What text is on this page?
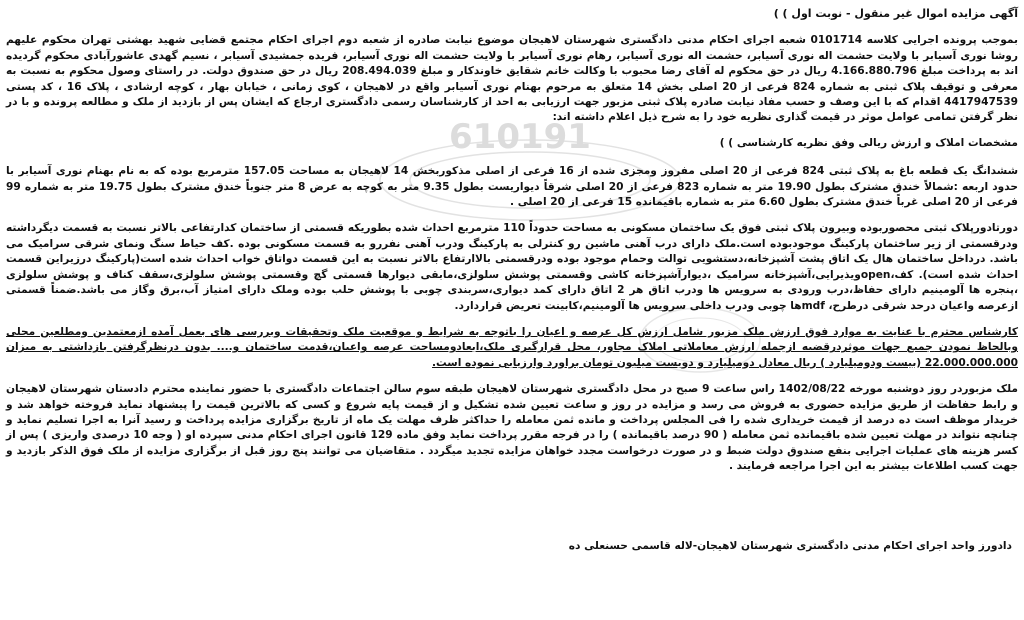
610191

آگهی مزایده اموال غیر منقول - نوبت اول ) )

بموجب پرونده اجرایی کلاسه 0101714 شعبه اجرای احکام مدنی دادگستری شهرستان لاهیجان موضوع نیابت صادره از شعبه دوم اجرای احکام مجتمع قضایی شهید بهشتی تهران محکوم علیهم روشا نوری آسیابر با ولایت حشمت اله نوری آسیابر، حشمت اله نوری آسیابر، رهام نوری آسیابر با ولایت حشمت اله نوری آسیابر، فریده جمشیدی آسیابر ، نسیم گهدی عاشورآبادی محکوم گردیده اند به پرداخت مبلغ 4.166.880.796 ریال در حق محکوم له آقای رضا محبوب با وکالت خانم شقایق خاوندکار و مبلغ 208.494.039 ریال در حق صندوق دولت. در راستای وصول محکوم به نسبت به معرفی و توقیف پلاک ثبتی به شماره 824 فرعی از 20 اصلی بخش 14 متعلق به مرحوم بهنام نوری آسیابر واقع در لاهیجان ، کوی زمانی ، خیابان بهار ، کوچه ارشادی ، پلاک 16 ، کد پستی 4417947539 اقدام که با این وصف و حسب مفاد نیابت صادره پلاک ثبتی مزبور جهت ارزیابی به احد از کارشناسان رسمی دادگستری ارجاع که ایشان پس از بازدید از ملک و مطالعه پرونده و با در نظر گرفتن تمامی عوامل موثر در قیمت گذاری نظریه خود را به شرح ذیل اعلام داشته اند:

مشخصات املاک و ارزش ریالی وفق نظریه کارشناسی ) )

ششدانگ یک قطعه باغ به پلاک ثبتی 824 فرعی از 20 اصلی مفروز ومجزی شده از 16 فرعی از اصلی مذکوربخش 14 لاهیجان به مساحت 157.05 مترمربع بوده که به نام بهنام نوری آسیابر با حدود اربعه :شمالاً خندق مشترک بطول 19.90 متر به شماره 823 فرعی از 20 اصلی شرقاً دیواریست بطول 9.35 متر به کوچه به عرض 8 متر جنوباً خندق مشترک بطول 19.75 متر به شماره 99 فرعی از 20 اصلی غرباً خندق مشترک بطول 6.60 متر به شماره باقیمانده 15 فرعی از 20 اصلی .

دورتادورپلاک ثبتی محصوربوده وبیرون پلاک ثبتی فوق یک ساختمان مسکونی به مساحت حدوداً 110 مترمربع احداث شده بطوریکه قسمتی از ساختمان کدارتفاعی بالاتر نسبت به قسمت دیگرداشته ودرقسمتی از زیر ساختمان پارکینگ موجودبوده است.ملک دارای درب آهنی ماشین رو کنترلی به پارکینگ ودرب آهنی نفررو به قسمت مسکونی بوده .کف حیاط سنگ ونمای شرقی سرامیک می باشد. درداخل ساختمان هال یک اتاق پشت آشپزخانه،دستشویی توالت وحمام موجود بوده ودرقسمتی بالاارتفاع بالاتر نسبت به این قسمت دواتاق خواب احداث شده است(پارکینگ درزیراین قسمت احداث شده است). کف،openویذیرایی،آشپزخانه سرامیک ،دیوارآشپزخانه کاشی وقسمتی پوشش سلولزی،مابقی دیوارها قسمتی گچ وقسمتی پوشش سلولزی،سقف کناف و پوشش سلولزی ،پنجره ها آلومینیم دارای حفاظ،درب ورودی به سرویس ها ودرب اتاق هر 2 اتاق دارای کمد دیواری،سربندی چوبی با پوشش حلب بوده وملک دارای امتیاز آب،برق وگاز می باشد.ضمناً قسمتی ازعرصه واعیان درحد شرقی درطرح، mdfها چوبی ودرب داخلی سرویس ها آلومینیم،کابینت تعریض قراردارد.

کارشناس محترم با عنایت به موارد فوق ارزش ملک مزبور شامل ارزش کل عرصه و اعیان را باتوجه به شرایط و موقعیت ملک وتحقیقات وبررسی های بعمل آمده ازمعتمدین ومطلعین محلی وبالحاظ نمودن جمیع جهات موثردرقضیه ازجمله ارزش معاملاتی املاک مجاور، محل قرارگیری ملک،ابعادومساحت عرصه واعیان،قدمت ساختمان و.... بدون درنظرگرفتن بازداشتی به میزان 22.000.000.000 (بیست ودومیلیارد ) ریال معادل دومیلیارد و دویست میلیون تومان براورد وارزیابی نموده است.

ملک مزبوردر روز دوشنبه مورخه 1402/08/22 راس ساعت 9 صبح در محل دادگستری شهرستان لاهیجان طبقه سوم سالن اجتماعات دادگستری با حضور نماینده محترم دادستان شهرستان لاهیجان و رابط حفاظت از طریق مزایده حضوری به فروش می رسد و مزایده در روز و ساعت تعیین شده تشکیل و از قیمت پایه شروع و کسی که بالاترین قیمت را پیشنهاد نماید فروخته خواهد شد و خریدار موظف است ده درصد از قیمت خریداری شده را فی المجلس پرداخت و مانده ثمن معامله را حداکثر ظرف مهلت یک ماه از تاریخ برگزاری مزایده پرداخت و رسید آنرا به اجرا تسلیم نماید و چنانچه نتواند در مهلت تعیین شده باقیمانده ثمن معامله ( 90 درصد باقیمانده ) را در فرجه مقرر پرداخت نماید وفق ماده 129 قانون اجرای احکام مدنی سپرده او ( وجه 10 درصدی واریزی ) پس از کسر هزینه های عملیات اجرایی بنفع صندوق دولت ضبط و در صورت درخواست مجدد خواهان مزایده تجدید میگردد . متقاضیان می توانند پنج روز قبل از برگزاری مزایده از ملک فوق الذکر بازدید و جهت کسب اطلاعات بیشتر به این اجرا مراجعه فرمایند .

دادورز واحد اجرای احکام مدنی دادگستری شهرستان لاهیجان-لاله قاسمی حسنعلی ده
